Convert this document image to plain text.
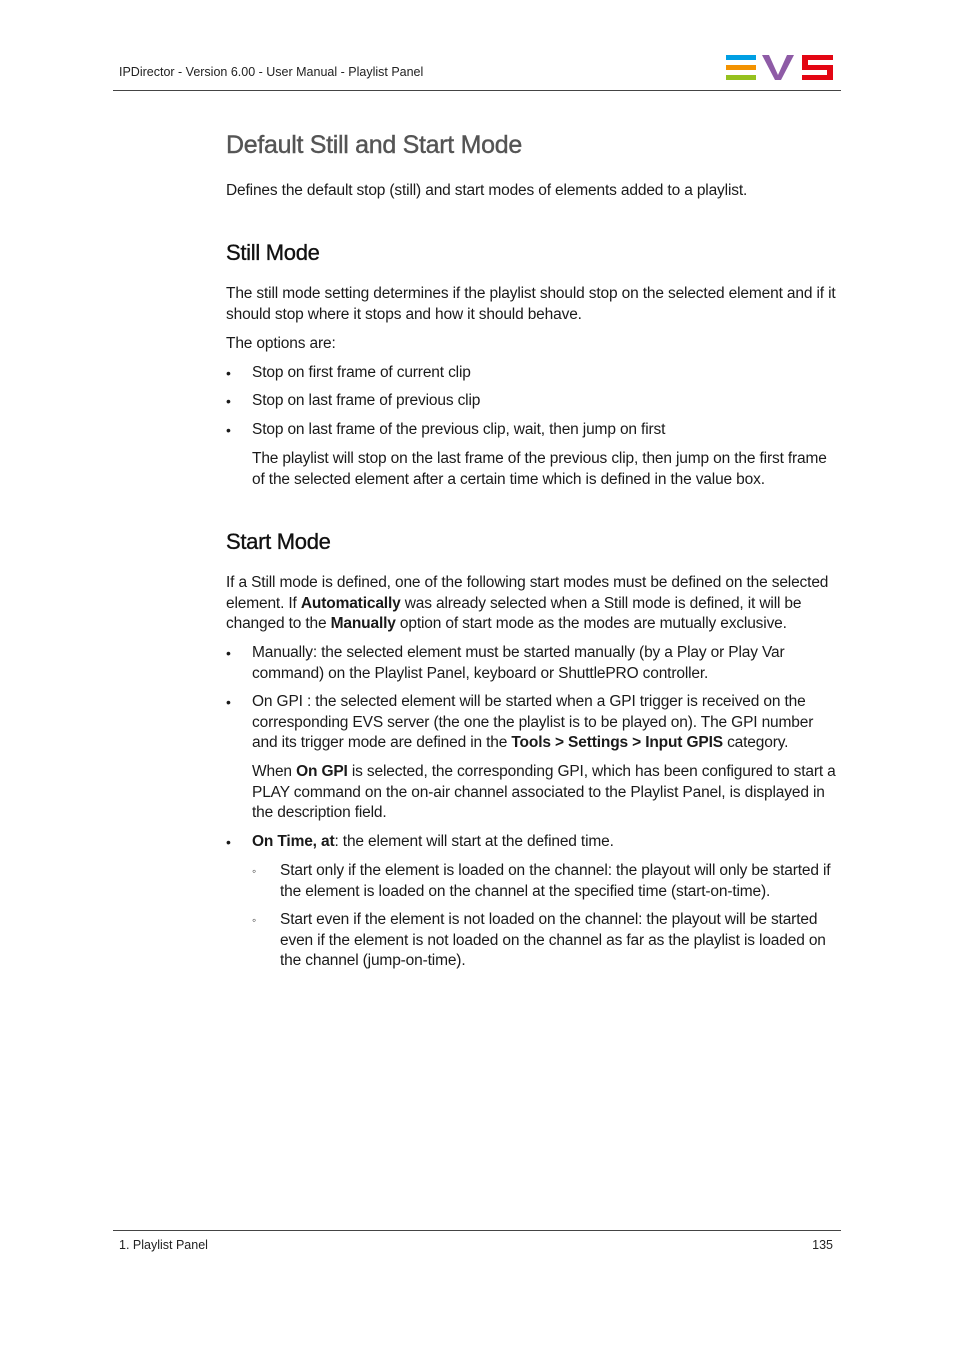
IPDirector - Version 6.00 - User Manual - Playlist Panel
Default Still and Start Mode

Defines the default stop (still) and start modes of elements added to a playlist.

Still Mode

The still mode setting determines if the playlist should stop on the selected element and if it should stop where it stops and how it should behave.

The options are:

• Stop on first frame of current clip

• Stop on last frame of previous clip

• Stop on last frame of the previous clip, wait, then jump on first

The playlist will stop on the last frame of the previous clip, then jump on the first frame of the selected element after a certain time which is defined in the value box.

Start Mode

If a Still mode is defined, one of the following start modes must be defined on the selected element. If Automatically was already selected when a Still mode is defined, it will be changed to the Manually option of start mode as the modes are mutually exclusive.

• Manually: the selected element must be started manually (by a Play or Play Var command) on the Playlist Panel, keyboard or ShuttlePRO controller.

• On GPI : the selected element will be started when a GPI trigger is received on the corresponding EVS server (the one the playlist is to be played on). The GPI number and its trigger mode are defined in the Tools > Settings > Input GPIS category.

When On GPI is selected, the corresponding GPI, which has been configured to start a PLAY command on the on-air channel associated to the Playlist Panel, is displayed in the description field.

• On Time, at: the element will start at the defined time.

◦ Start only if the element is loaded on the channel: the playout will only be started if the element is loaded on the channel at the specified time (start-on-time).

◦ Start even if the element is not loaded on the channel: the playout will be started even if the element is not loaded on the channel as far as the playlist is loaded on the channel (jump-on-time).

1. Playlist Panel	135
